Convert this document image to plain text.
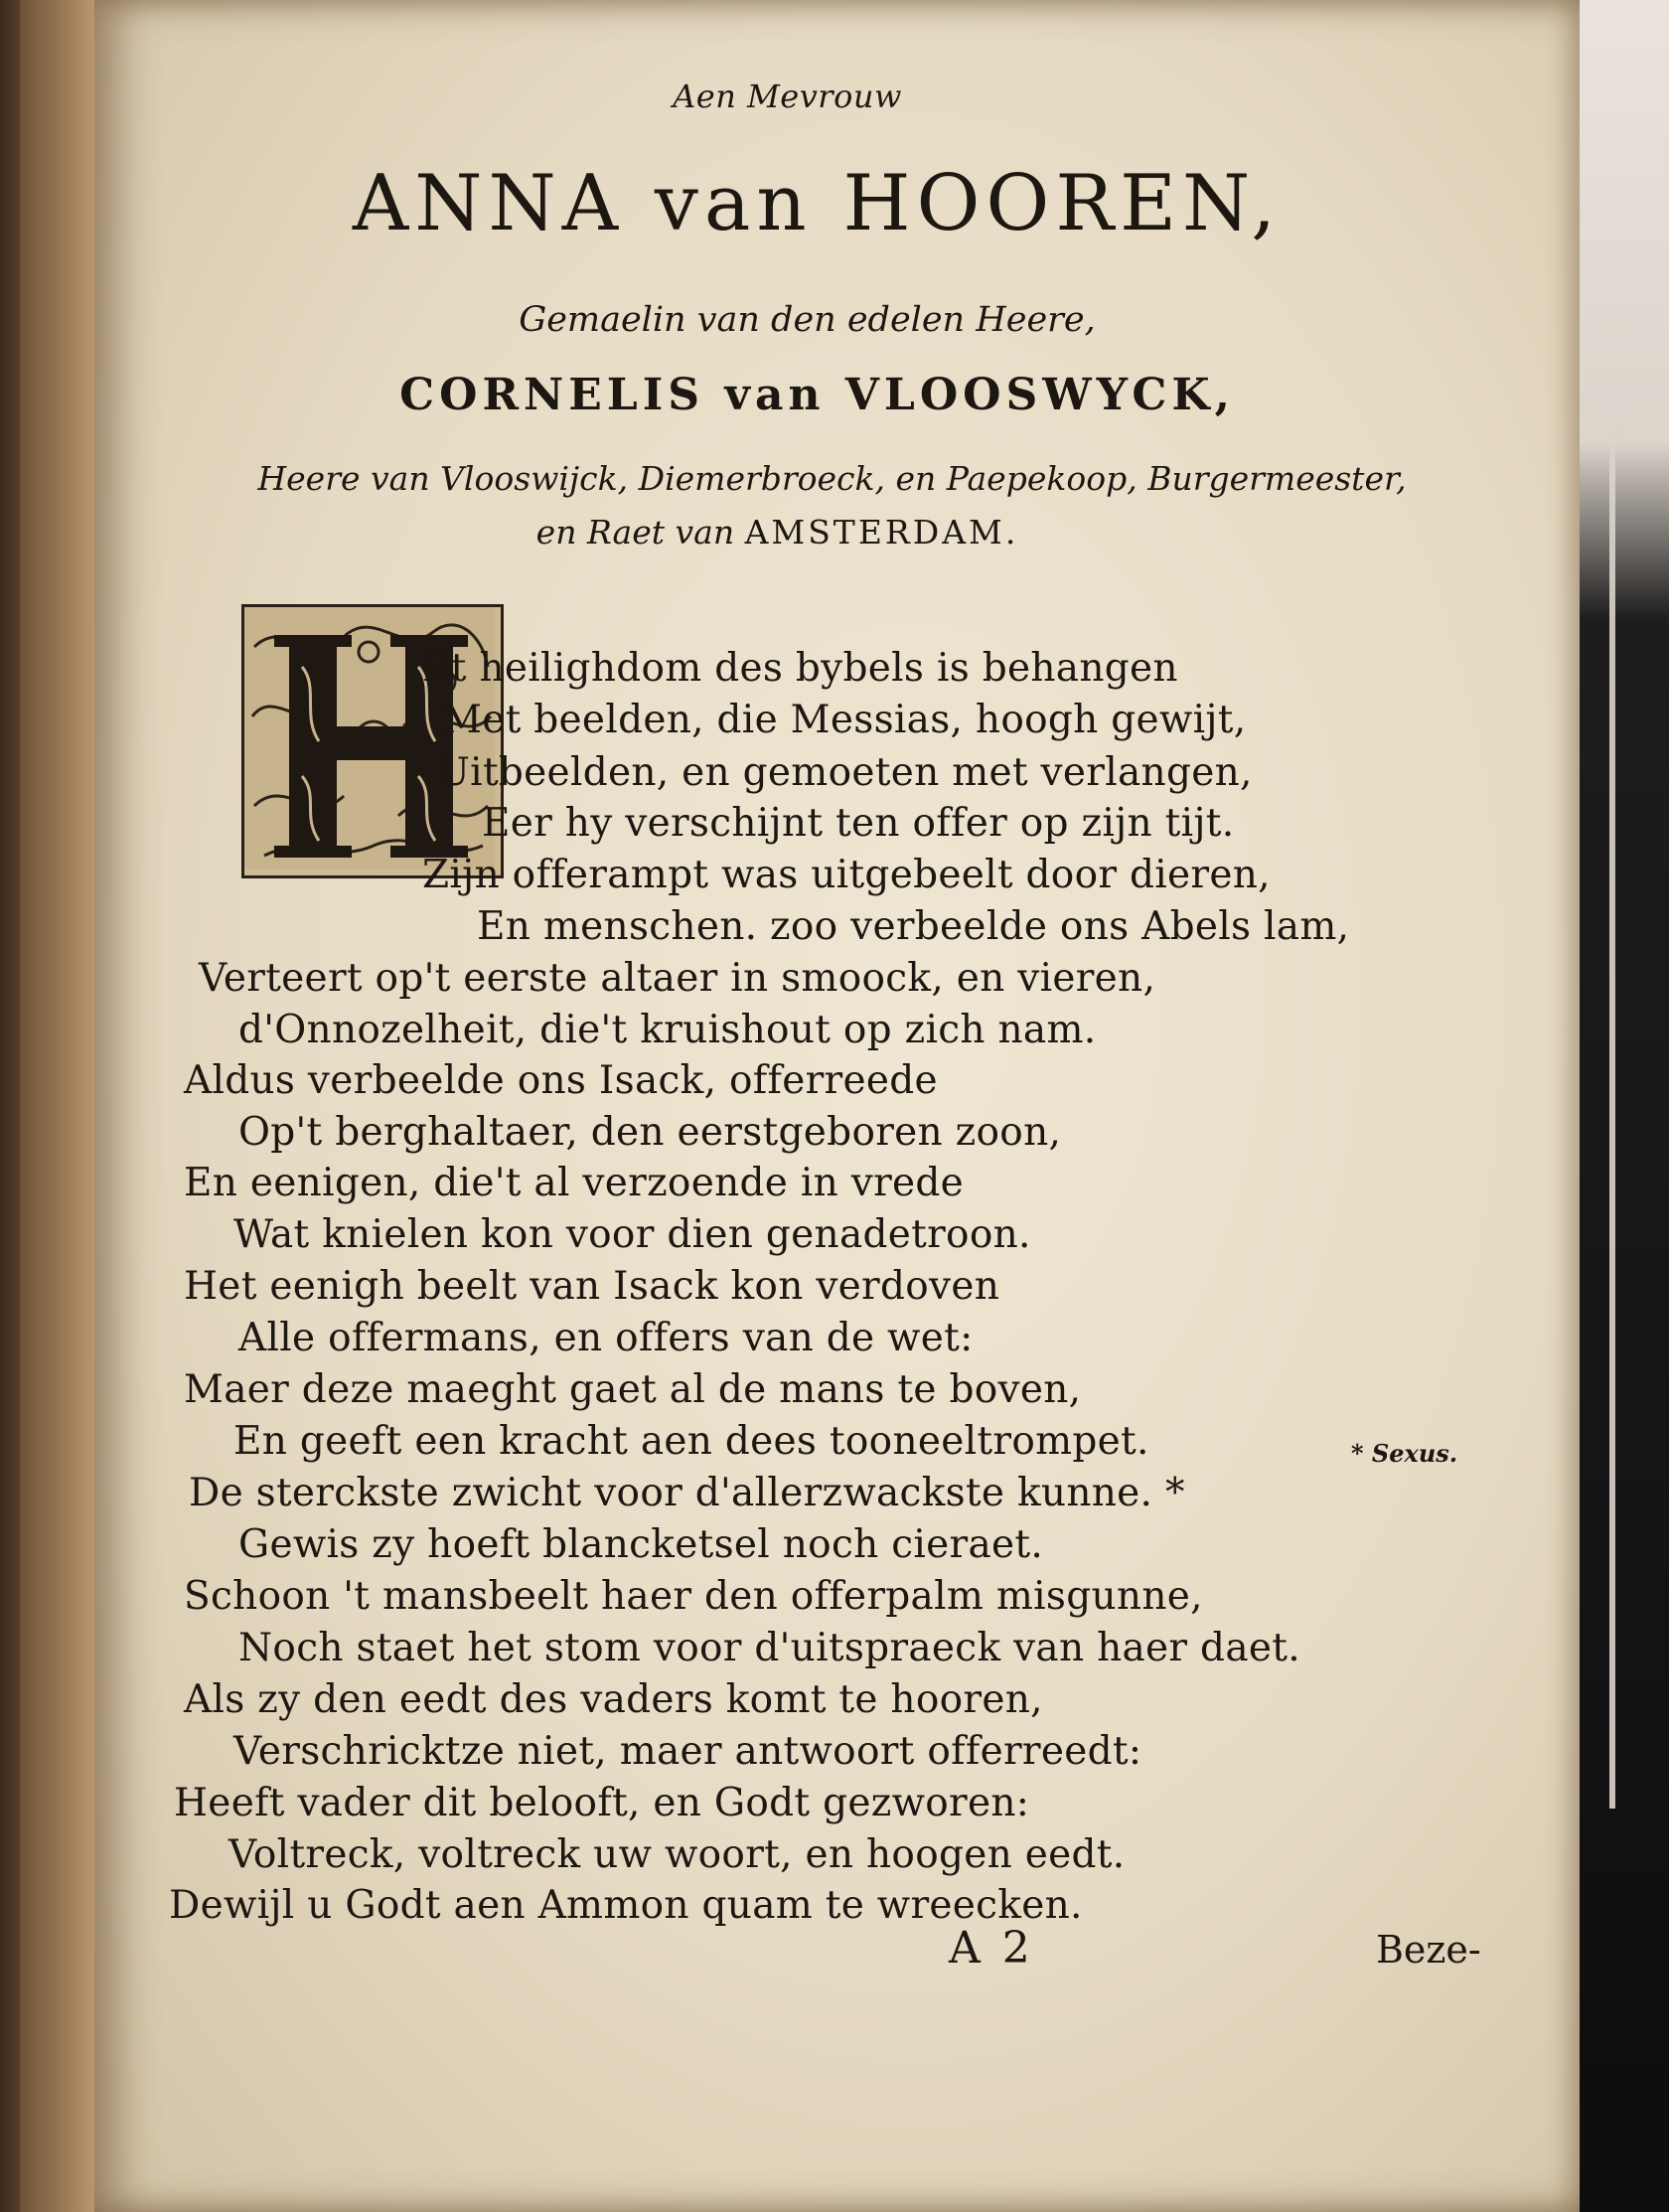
Aen Mevrouw
ANNA van HOOREN,
Gemaelin van den edelen Heere,
CORNELIS van VLOOSWYCK,
Heere van Vlooswijck, Diemerbroeck, en Paepekoop, Burgermeester,
en Raet van AMSTERDAM.
Et heilighdom des bybels is behangen
Met beelden, die Messias, hoogh gewijt,
Uitbeelden, en gemoeten met verlangen,
Eer hy verschijnt ten offer op zijn tijt.
Zijn offerampt was uitgebeelt door dieren,
En menschen. zoo verbeelde ons Abels lam,
Verteert op't eerste altaer in smoock, en vieren,
d'Onnozelheit, die't kruishout op zich nam.
Aldus verbeelde ons Isack, offerreede
Op't berghaltaer, den eerstgeboren zoon,
En eenigen, die't al verzoende in vrede
Wat knielen kon voor dien genadetroon.
Het eenigh beelt van Isack kon verdoven
Alle offermans, en offers van de wet:
Maer deze maeght gaet al de mans te boven,
En geeft een kracht aen dees tooneeltrompet.
De sterckste zwicht voor d'allerzwackste kunne. *
Gewis zy hoeft blancketsel noch cieraet.
Schoon 't mansbeelt haer den offerpalm misgunne,
Noch staet het stom voor d'uitspraeck van haer daet.
Als zy den eedt des vaders komt te hooren,
Verschricktze niet, maer antwoort offerreedt:
Heeft vader dit belooft, en Godt gezworen:
Voltreck, voltreck uw woort, en hoogen eedt.
Dewijl u Godt aen Ammon quam te wreecken.
* Sexus.
A 2	Beze-
